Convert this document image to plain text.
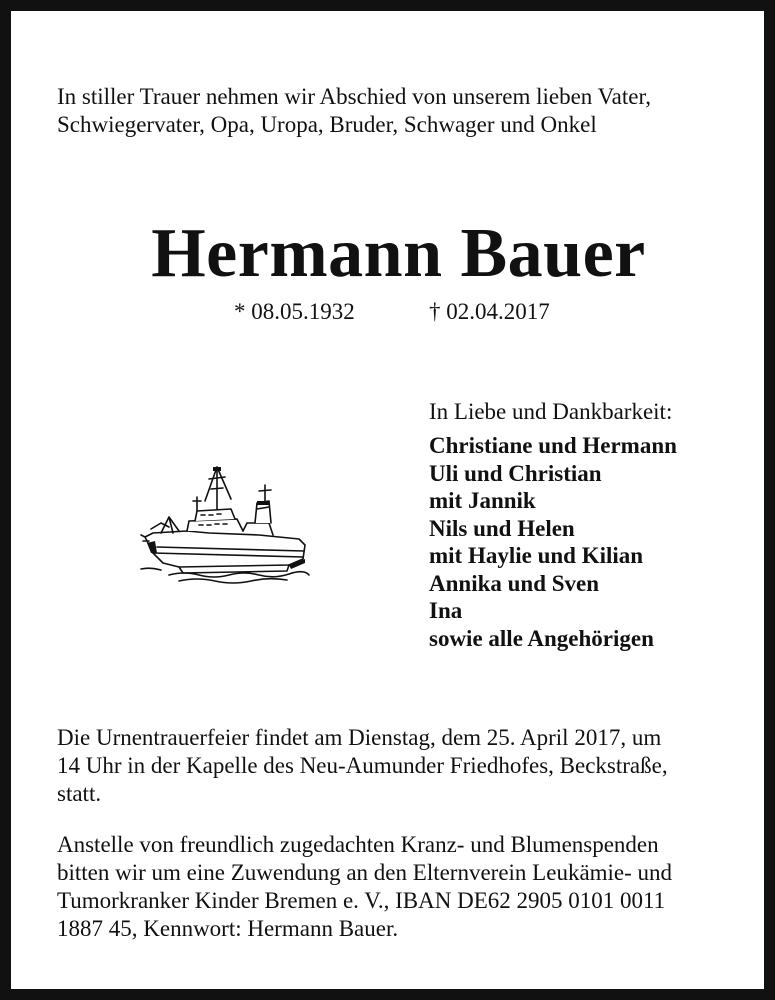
In stiller Trauer nehmen wir Abschied von unserem lieben Vater,
Schwiegervater, Opa, Uropa, Bruder, Schwager und Onkel
Hermann Bauer
* 08.05.1932	† 02.04.2017
In Liebe und Dankbarkeit:
Christiane und Hermann
Uli und Christian
mit Jannik
Nils und Helen
mit Haylie und Kilian
Annika und Sven
Ina
sowie alle Angehörigen
Die Urnentrauerfeier findet am Dienstag, dem 25. April 2017, um
14 Uhr in der Kapelle des Neu-Aumunder Friedhofes, Beckstraße,
statt.
Anstelle von freundlich zugedachten Kranz- und Blumenspenden
bitten wir um eine Zuwendung an den Elternverein Leukämie- und
Tumorkranker Kinder Bremen e. V., IBAN DE62 2905 0101 0011
1887 45, Kennwort: Hermann Bauer.
